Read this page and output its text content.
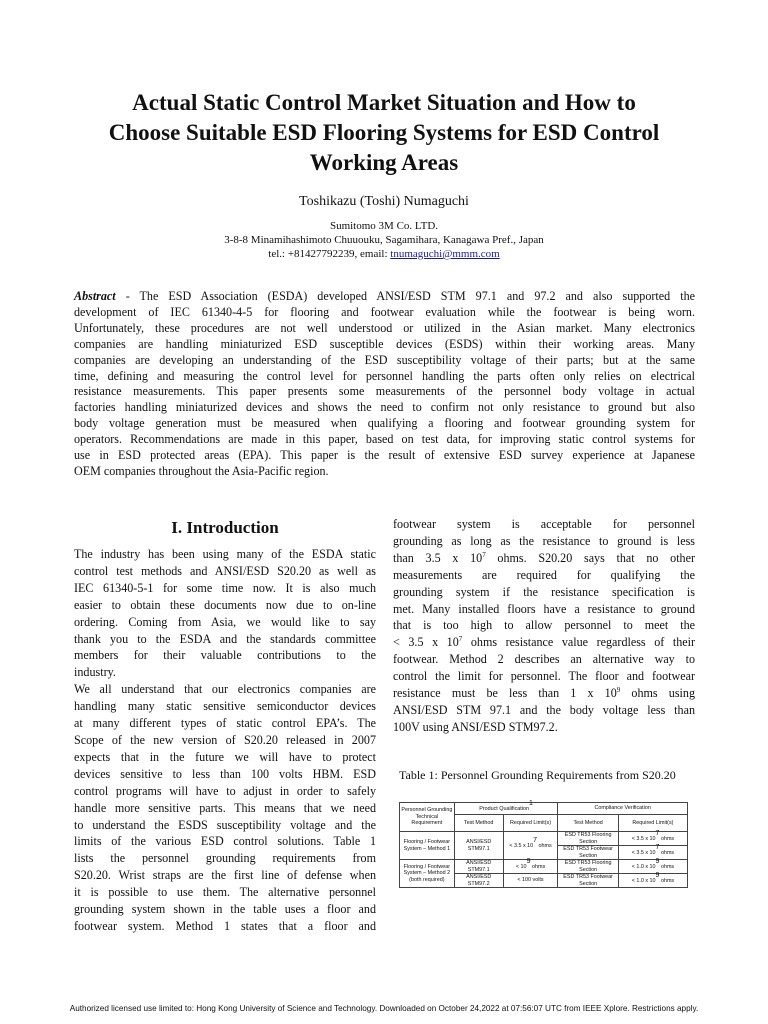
Actual Static Control Market Situation and How to
Choose Suitable ESD Flooring Systems for ESD Control
Working Areas
Toshikazu (Toshi) Numaguchi
Sumitomo 3M Co. LTD.
3-8-8 Minamihashimoto Chuuouku, Sagamihara, Kanagawa Pref., Japan
tel.: +81427792239, email: tnumaguchi@mmm.com
Abstract - The ESD Association (ESDA) developed ANSI/ESD STM 97.1 and 97.2 and also supported the
development of IEC 61340-4-5 for flooring and footwear evaluation while the footwear is being worn.
Unfortunately, these procedures are not well understood or utilized in the Asian market. Many electronics
companies are handling miniaturized ESD susceptible devices (ESDS) within their working areas. Many
companies are developing an understanding of the ESD susceptibility voltage of their parts; but at the same
time, defining and measuring the control level for personnel handling the parts often only relies on electrical
resistance measurements. This paper presents some measurements of the personnel body voltage in actual
factories handling miniaturized devices and shows the need to confirm not only resistance to ground but also
body voltage generation must be measured when qualifying a flooring and footwear grounding system for
operators. Recommendations are made in this paper, based on test data, for improving static control systems for
use in ESD protected areas (EPA). This paper is the result of extensive ESD survey experience at Japanese
OEM companies throughout the Asia-Pacific region.
I. Introduction
The industry has been using many of the ESDA static
control test methods and ANSI/ESD S20.20 as well as
IEC 61340-5-1 for some time now. It is also much
easier to obtain these documents now due to on-line
ordering. Coming from Asia, we would like to say
thank you to the ESDA and the standards committee
members for their valuable contributions to the
industry.
We all understand that our electronics companies are
handling many static sensitive semiconductor devices
at many different types of static control EPA’s. The
Scope of the new version of S20.20 released in 2007
expects that in the future we will have to protect
devices sensitive to less than 100 volts HBM. ESD
control programs will have to adjust in order to safely
handle more sensitive parts. This means that we need
to understand the ESDS susceptibility voltage and the
limits of the various ESD control solutions. Table 1
lists the personnel grounding requirements from
S20.20. Wrist straps are the first line of defense when
it is possible to use them. The alternative personnel
grounding system shown in the table uses a floor and
footwear system. Method 1 states that a floor and
footwear system is acceptable for personnel
grounding as long as the resistance to ground is less
than 3.5 x $10^7$ ohms. S20.20 says that no other
measurements are required for qualifying the
grounding system if the resistance specification is
met. Many installed floors have a resistance to ground
that is too high to allow personnel to meet the
< 3.5 x $10^7$ ohms resistance value regardless of their
footwear. Method 2 describes an alternative way to
control the limit for personnel. The floor and footwear
resistance must be less than 1 x $10^9$ ohms using
ANSI/ESD STM 97.1 and the body voltage less than
100V using ANSI/ESD STM97.2.
Table 1: Personnel Grounding Requirements from S20.20
Personnel Grounding Technical Requirement	Product Qualification$^1$		Compliance Verification	
	Test Method	Required Limit(s)	Test Method	Required Limit(s)
Flooring / Footwear System – Method 1	ANSI/ESD STM97.1	< 3.5 x $10^7$ ohms	ESD TR53 Flooring Section	< 3.5 x $10^7$ ohms
			ESD TR53 Footwear Section	< 3.5 x $10^7$ ohms
Flooring / Footwear System – Method 2 (both required)	ANSI/ESD STM97.1	< $10^9$ ohms	ESD TR53 Flooring Section	< 1.0 x $10^9$ ohms
	ANSI/ESD STM97.2	< 100 volts	ESD TR53 Footwear Section	< 1.0 x $10^9$ ohms
Authorized licensed use limited to: Hong Kong University of Science and Technology. Downloaded on October 24,2022 at 07:56:07 UTC from IEEE Xplore. Restrictions apply.
